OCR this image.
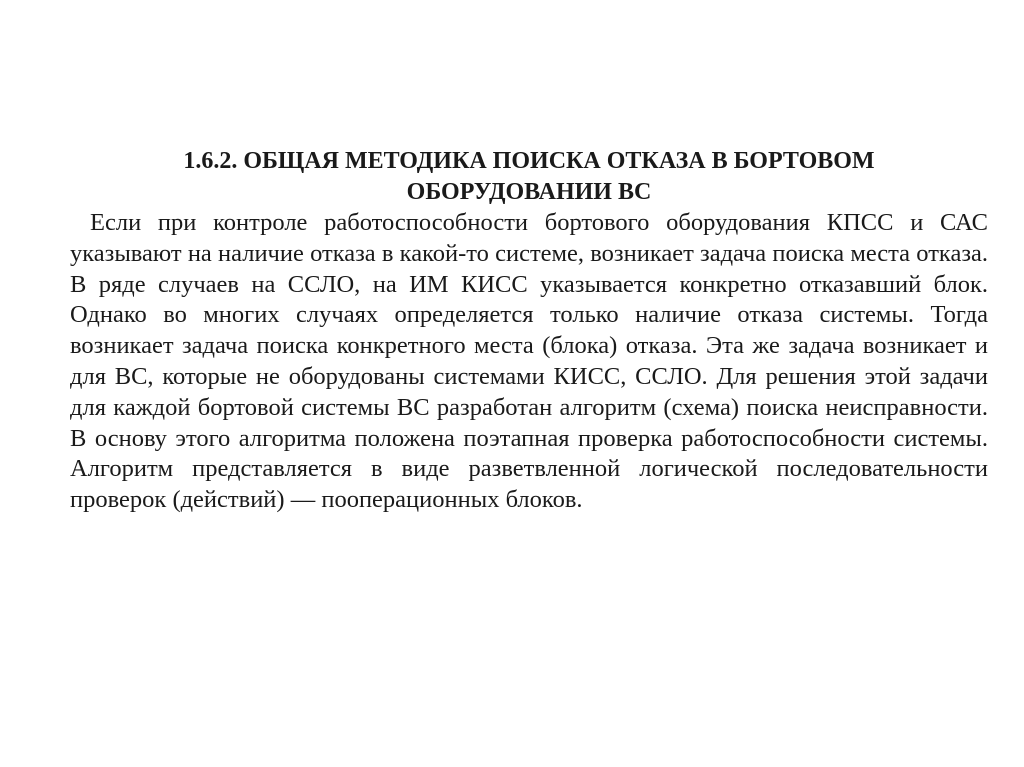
1.6.2. ОБЩАЯ МЕТОДИКА ПОИСКА ОТКАЗА В БОРТОВОМ
ОБОРУДОВАНИИ ВС

Если при контроле работоспособности бортового оборудования КПСС и САС указывают на наличие отказа в какой-то системе, возникает задача поиска места отказа. В ряде случаев на ССЛО, на ИМ КИСС указывается конкретно отказавший блок. Однако во многих случаях определяется только наличие отказа системы. Тогда возникает задача поиска конкретного места (блока) отказа. Эта же задача возникает и для ВС, которые не оборудованы системами КИСС, ССЛО. Для решения этой задачи для каждой бортовой системы ВС разработан алгоритм (схема) поиска неисправности. В основу этого алгоритма положена поэтапная проверка работоспособности системы. Алгоритм представляется в виде разветвленной логической последовательности проверок (действий) — пооперационных блоков.
